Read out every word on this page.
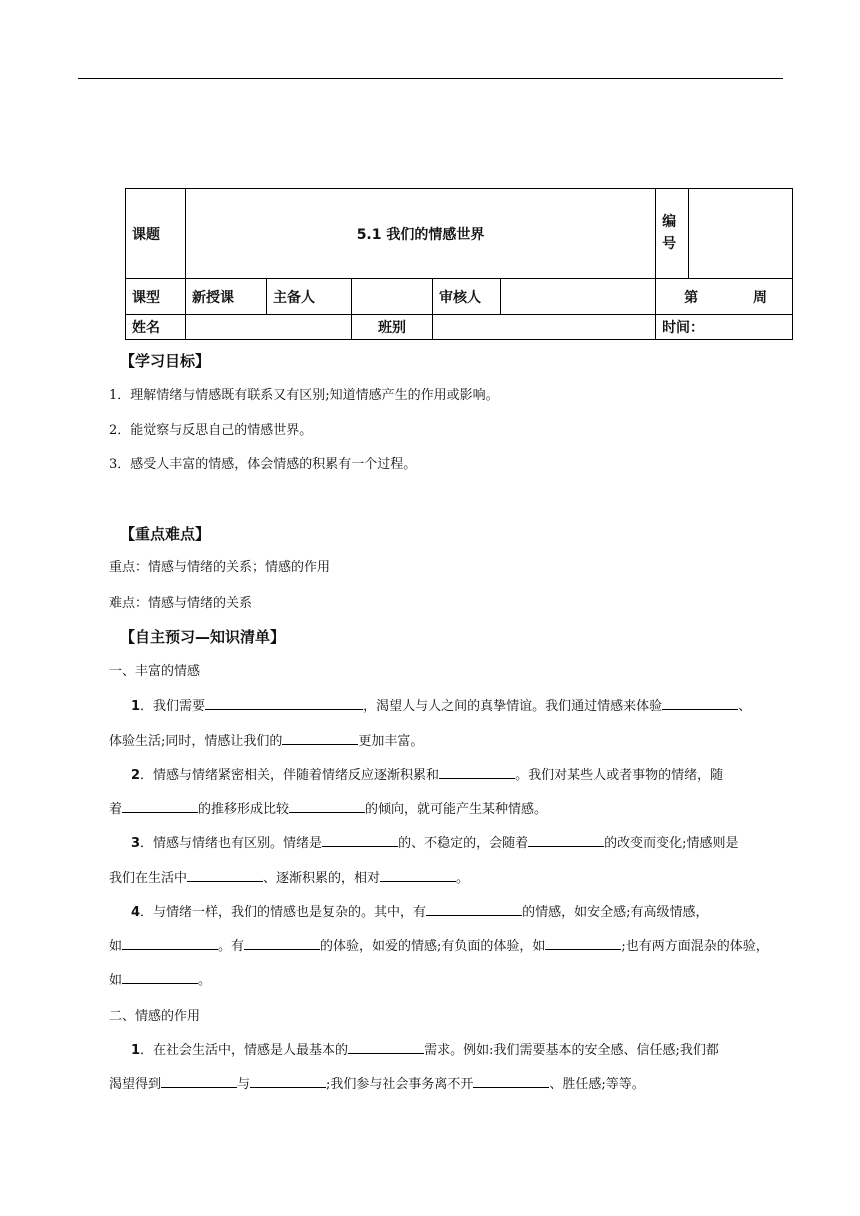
课题	5.1 我们的情感世界					编号	
课型	新授课	主备人		审核人		第 周	
姓名			班别			时间：	
【学习目标】
1．理解情绪与情感既有联系又有区别;知道情感产生的作用或影响。
2．能觉察与反思自己的情感世界。
3．感受人丰富的情感，体会情感的积累有一个过程。
【重点难点】
重点：情感与情绪的关系；情感的作用
难点：情感与情绪的关系
【自主预习—知识清单】
一、丰富的情感
1．我们需要	，渴望人与人之间的真挚情谊。我们通过情感来体验	、
体验生活;同时，情感让我们的	更加丰富。
2．情感与情绪紧密相关，伴随着情绪反应逐渐积累和	。我们对某些人或者事物的情绪，随
着	的推移形成比较	的倾向，就可能产生某种情感。
3．情感与情绪也有区别。情绪是	的、不稳定的，会随着	的改变而变化;情感则是
我们在生活中	、逐渐积累的，相对	。
4．与情绪一样，我们的情感也是复杂的。其中，有	的情感，如安全感;有高级情感，
如	。有	的体验，如爱的情感;有负面的体验，如	;也有两方面混杂的体验，
如	。
二、情感的作用
1．在社会生活中，情感是人最基本的	需求。例如:我们需要基本的安全感、信任感;我们都
渴望得到	与	;我们参与社会事务离不开	、胜任感;等等。
